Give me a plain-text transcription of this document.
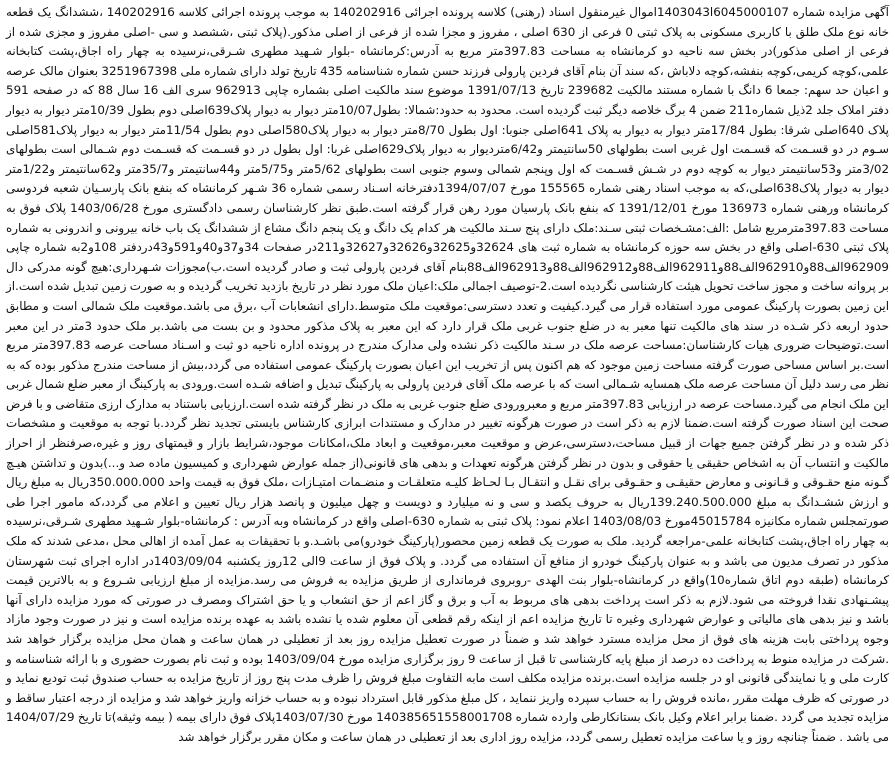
آگهی مزایده شماره 1403043l6045000107اموال غیرمنقول اسناد (رهنی) کلاسه پرونده اجرائی 140202916 به موجب پرونده اجرائی کلاسه 140202916 ،ششدانگ یک قطعه خانه نوع ملک طلق با کاربری مسکونی به پلاک ثبتی 0 فرعی از 630 اصلی ، مفروز و مجزا شده از فرعی از اصلی مذکور.(پلاک ثبتی ،ششصد و سی -اصلی مفروز و مجزی شده از فرعی از اصلی مذکور)در بخش سه ناحیه دو کرمانشاه به مساحت 397.83متر مربع به آدرس:کرمانشاه -بلوار شـهید مطهری شـرقی،نرسیده به چهار راه اجاق،پشت کتابخانه علمی،کوچه کریمی،کوچه بنفشه،کوچه دلاباش ،که سند آن بنام آقای فردین پارولی فرزند حسن شماره شناسنامه 435 تاریخ تولد دارای شماره ملی 3251967398 بعنوان مالک عرصه و اعیان حد سهم: جمعا 6 دانگ با شماره مستند مالکیت 239682 تاریخ 1391/07/13 موضوع سند مالکیت اصلی بشماره چاپی 962913 سری الف 16 سال 88 که در صفحه 591 دفتر املاک جلد 2ذیل شماره211 ضمن 4 برگ خلاصه دیگر ثبت گردیده است. محدود به حدود:شمالا: بطول10/07متر دیوار به دیوار پلاک639اصلی دوم بطول 10/39متر دیوار به دیوار پلاک 640اصلی شرقا: بطول 17/84متر دیوار به دیوار به پلاک 641اصلی جنوبا: اول بطول 8/70متر دیوار به دیوار پلاک580اصلی دوم بطول 11/54متر دیوار به دیوار پلاک581اصلی سـوم در دو قسـمت که قسـمت اول غربی است بطولهای 50سانتیمتر و6/42متردیوار به دیوار پلاک629اصلی غربا: اول بطول در دو قسـمت که قسـمت دوم شـمالی است بطولهای 3/02متر و53سانتیمتر دیوار به کوچه دوم در شـش قسـمت که اول وپنجم شمالی وسوم جنوبی است بطولهای 5/62متر و5/75متر و44سانتیمتر و35/7متر و62سانتیمتر و1/22متر دیوار به دیوار پلاک638اصلی،که به موجب اسناد رهنی شماره 155565 مورخ 1394/07/07دفترخانه اسـناد رسمی شماره 36 شـهر کرمانشاه که بنفع بانک پارسـیان شعبه فردوسی کرمانشاه ورهنی شماره 136973 مورخ 1391/12/01 که بنفع بانک پارسیان مورد رهن قرار گرفته است.طبق نظر کارشناسان رسمی دادگستری مورخ 1403/06/28 پلاک فوق به مساحت 397.83مترمربع شامل :الف:مشـخصات ثبتی سـند:ملک دارای پنج سـند مالکیت هر کدام یک دانگ و یک پنجم دانگ مشاع از ششدانگ یک باب خانه بیرونی و اندرونی به شماره پلاک ثبتی 630-اصلی واقع در بخش سه حوزه کرمانشاه به شماره ثبت های 32624و32625و32626و32627و211در صفحات 34و37و40و591و43دردفتر 108و2به شماره چاپی 962909الف88و962910الف88و962911الف88و962912الف88و962913الف88بنام آقای فردین پارولی ثبت و صادر گردیده است.ب)مجوزات شـهرداری:هیچ گونه مدرکی دال بر پروانه ساخت و مجوز ساخت تحویل هیئت کارشناسی نگردیده است.2-توصیف اجمالی ملک:اعیان ملک مورد نظر در تاریخ بازدید تخریب گردیده و به صورت زمین تبدیل شده است.از این زمین بصورت پارکینگ عمومی مورد استفاده قرار می گیرد.کیفیت و تعدد دسترسی:موقعیت ملک متوسط.دارای انشعابات آب ،برق می باشد.موقعیت ملک شمالی است و مطابق حدود اربعه ذکر شـده در سند های مالکیت تنها معبر به در ضلع جنوب غربی ملک قرار دارد که این معبر به پلاک مذکور محدود و بن بست می باشد.بر ملک حدود 3متر در این معبر است.توضیحات ضروری هیات کارشناسان:مساحت عرصه ملک در سـند مالکیت ذکر نشده ولی مدارک مندرج در پرونده اداره ناحیه دو ثبت و اسـناد مساحت عرصه 397.83متر مربع است.بر اساس مساحی صورت گرفته مساحت زمین موجود که هم اکنون پس از تخریب این اعیان بصورت پارکینگ عمومی استفاده می گردد،بیش از مساحت مندرج مذکور بوده که به نظر می رسد دلیل آن مساحت عرصه ملک همسایه شـمالی است که با عرصه ملک آقای فردین پارولی به پارکینگ تبدیل و اضافه شـده است.ورودی به پارکینگ از معبر ضلع شمال غربی این ملک انجام می گیرد.مساحت عرصه در ارزیابی 397.83متر مربع و معبرورودی ضلع جنوب غربی به ملک در نظر گرفته شده است.ارزیابی باستناد به مدارک ارزی متقاضی و با فرض صحت این اسناد صورت گرفته است.ضمنا لازم به ذکر است در صورت هرگونه تغییر در مدارک و مستندات ابرازی کارشناس بایستی تجدید نظر گردد.با توجه به موقعیت و مشخصات ذکر شده و در نظر گرفتن جمیع جهات از قبیل مساحت،دسترسی،عرض و موقعیت معبر،موقعیت و ابعاد ملک،امکانات موجود،شرایط بازار و قیمتهای روز و غیره،صرفنظر از احراز مالکیت و انتساب آن به اشخاص حقیقی یا حقوقی و بدون در نظر گرفتن هرگونه تعهدات و بدهی های قانونی(از جمله عوارض شهرداری و کمیسیون ماده صد و...)بدون و تداشتن هیـچ گـونه منع حقـوقی و قـانونی و معارض حقیقـی و حقـوقی برای نقـل و انتقـال بـا لحـاظ کلیـه متعلقـات و منضـمات امتیـازات ،ملک فوق به قیمت واحد 350.000.000ریال به مبلغ ریال و ارزش ششـدانگ به مبلغ 139.240.500.000ریال به حروف یکصد و سی و نه میلیارد و دویست و چهل میلیون و پانصد هزار ریال تعیین و اعلام می گردد،که مامور اجرا طی صورتمجلس شماره مکانیزه 45015784مورخ 1403/08/03 اعلام نمود: پلاک ثبتی به شماره 630-اصلی واقع در کرمانشاه وبه آدرس : کرمانشاه-بلوار شـهید مطهری شـرقی،نرسیده به چهار راه اجاق،پشت کتابخانه علمی-مراجعه گردید. ملک به صورت یک قطعه زمین محصور(پارکینگ خودرو)می باشـد.و با تحقیقات به عمل آمده از اهالی محل ،مدعی شدند که ملک مذکور در تصرف مدیون می باشد و به عنوان پارکینگ خودرو از منافع آن استفاده می گردد. و پلاک فوق از ساعت 9الی 12روز یکشنبه 1403/09/04در اداره اجرای ثبت شهرستان کرمانشاه (طبقه دوم اتاق شماره10)واقع در کرمانشاه-بلوار بنت الهدی -روبروی فرمانداری از طریق مزایده به فروش می رسد.مزایده از مبلغ ارزیابی شـروع و به بالاترین قیمت پیشـنهادی نقدا فروخته می شود.لازم به ذکر است پرداخت بدهی های مربوط به آب و برق و گاز اعم از حق انشعاب و یا حق اشتراک ومصرف در صورتی که مورد مزایده دارای آنها باشد و نیز بدهی های مالیاتی و عوارض شهرداری وغیره تا تاریخ مزایده اعم از اینکه رقم قطعی آن معلوم شده یا نشده باشد به عهده برنده مزایده است و نیز در صورت وجود مازاد وجوه پرداختی بابت هزینه های فوق از محل مزایده مسترد خواهد شد و ضمناً در صورت تعطیل مزایده روز بعد از تعطیلی در همان ساعت و همان محل مزایده برگزار خواهد شد .شرکت در مزایده منوط به پرداخت ده درصد از مبلغ پایه کارشناسی تا قبل از ساعت 9 روز برگزاری مزایده مورخ 1403/09/04 بوده و ثبت نام بصورت حضوری و با ارائه شناسنامه و کارت ملی و یا نمایندگی قانونی او در جلسه مزایده است.برنده مزایده مکلف است مابه التفاوت مبلغ فروش را ظرف مدت پنج روز از تاریخ مزایده به حساب صندوق ثبت تودیع نماید و در صورتی که ظرف مهلت مقرر ،مانده فروش را به حساب سپرده واریز ننماید ، کل مبلغ مذکور قابل استرداد نبوده و به حساب خزانه واریز خواهد شد و مزایده از درجه اعتبار ساقط و مزایده تجدید می گردد .ضمنا برابر اعلام وکیل بانک بستانکارطی وارده شماره 140385651558001708 مورخ 1403/07/30پلاک فوق دارای بیمه ( بیمه وثیقه)تا تاریخ 1404/07/29 می باشد . ضمناً چنانچه روز و یا ساعت مزایده تعطیل رسمی گردد، مزایده روز اداری بعد از تعطیلی در همان ساعت و مکان مقرر برگزار خواهد شد
